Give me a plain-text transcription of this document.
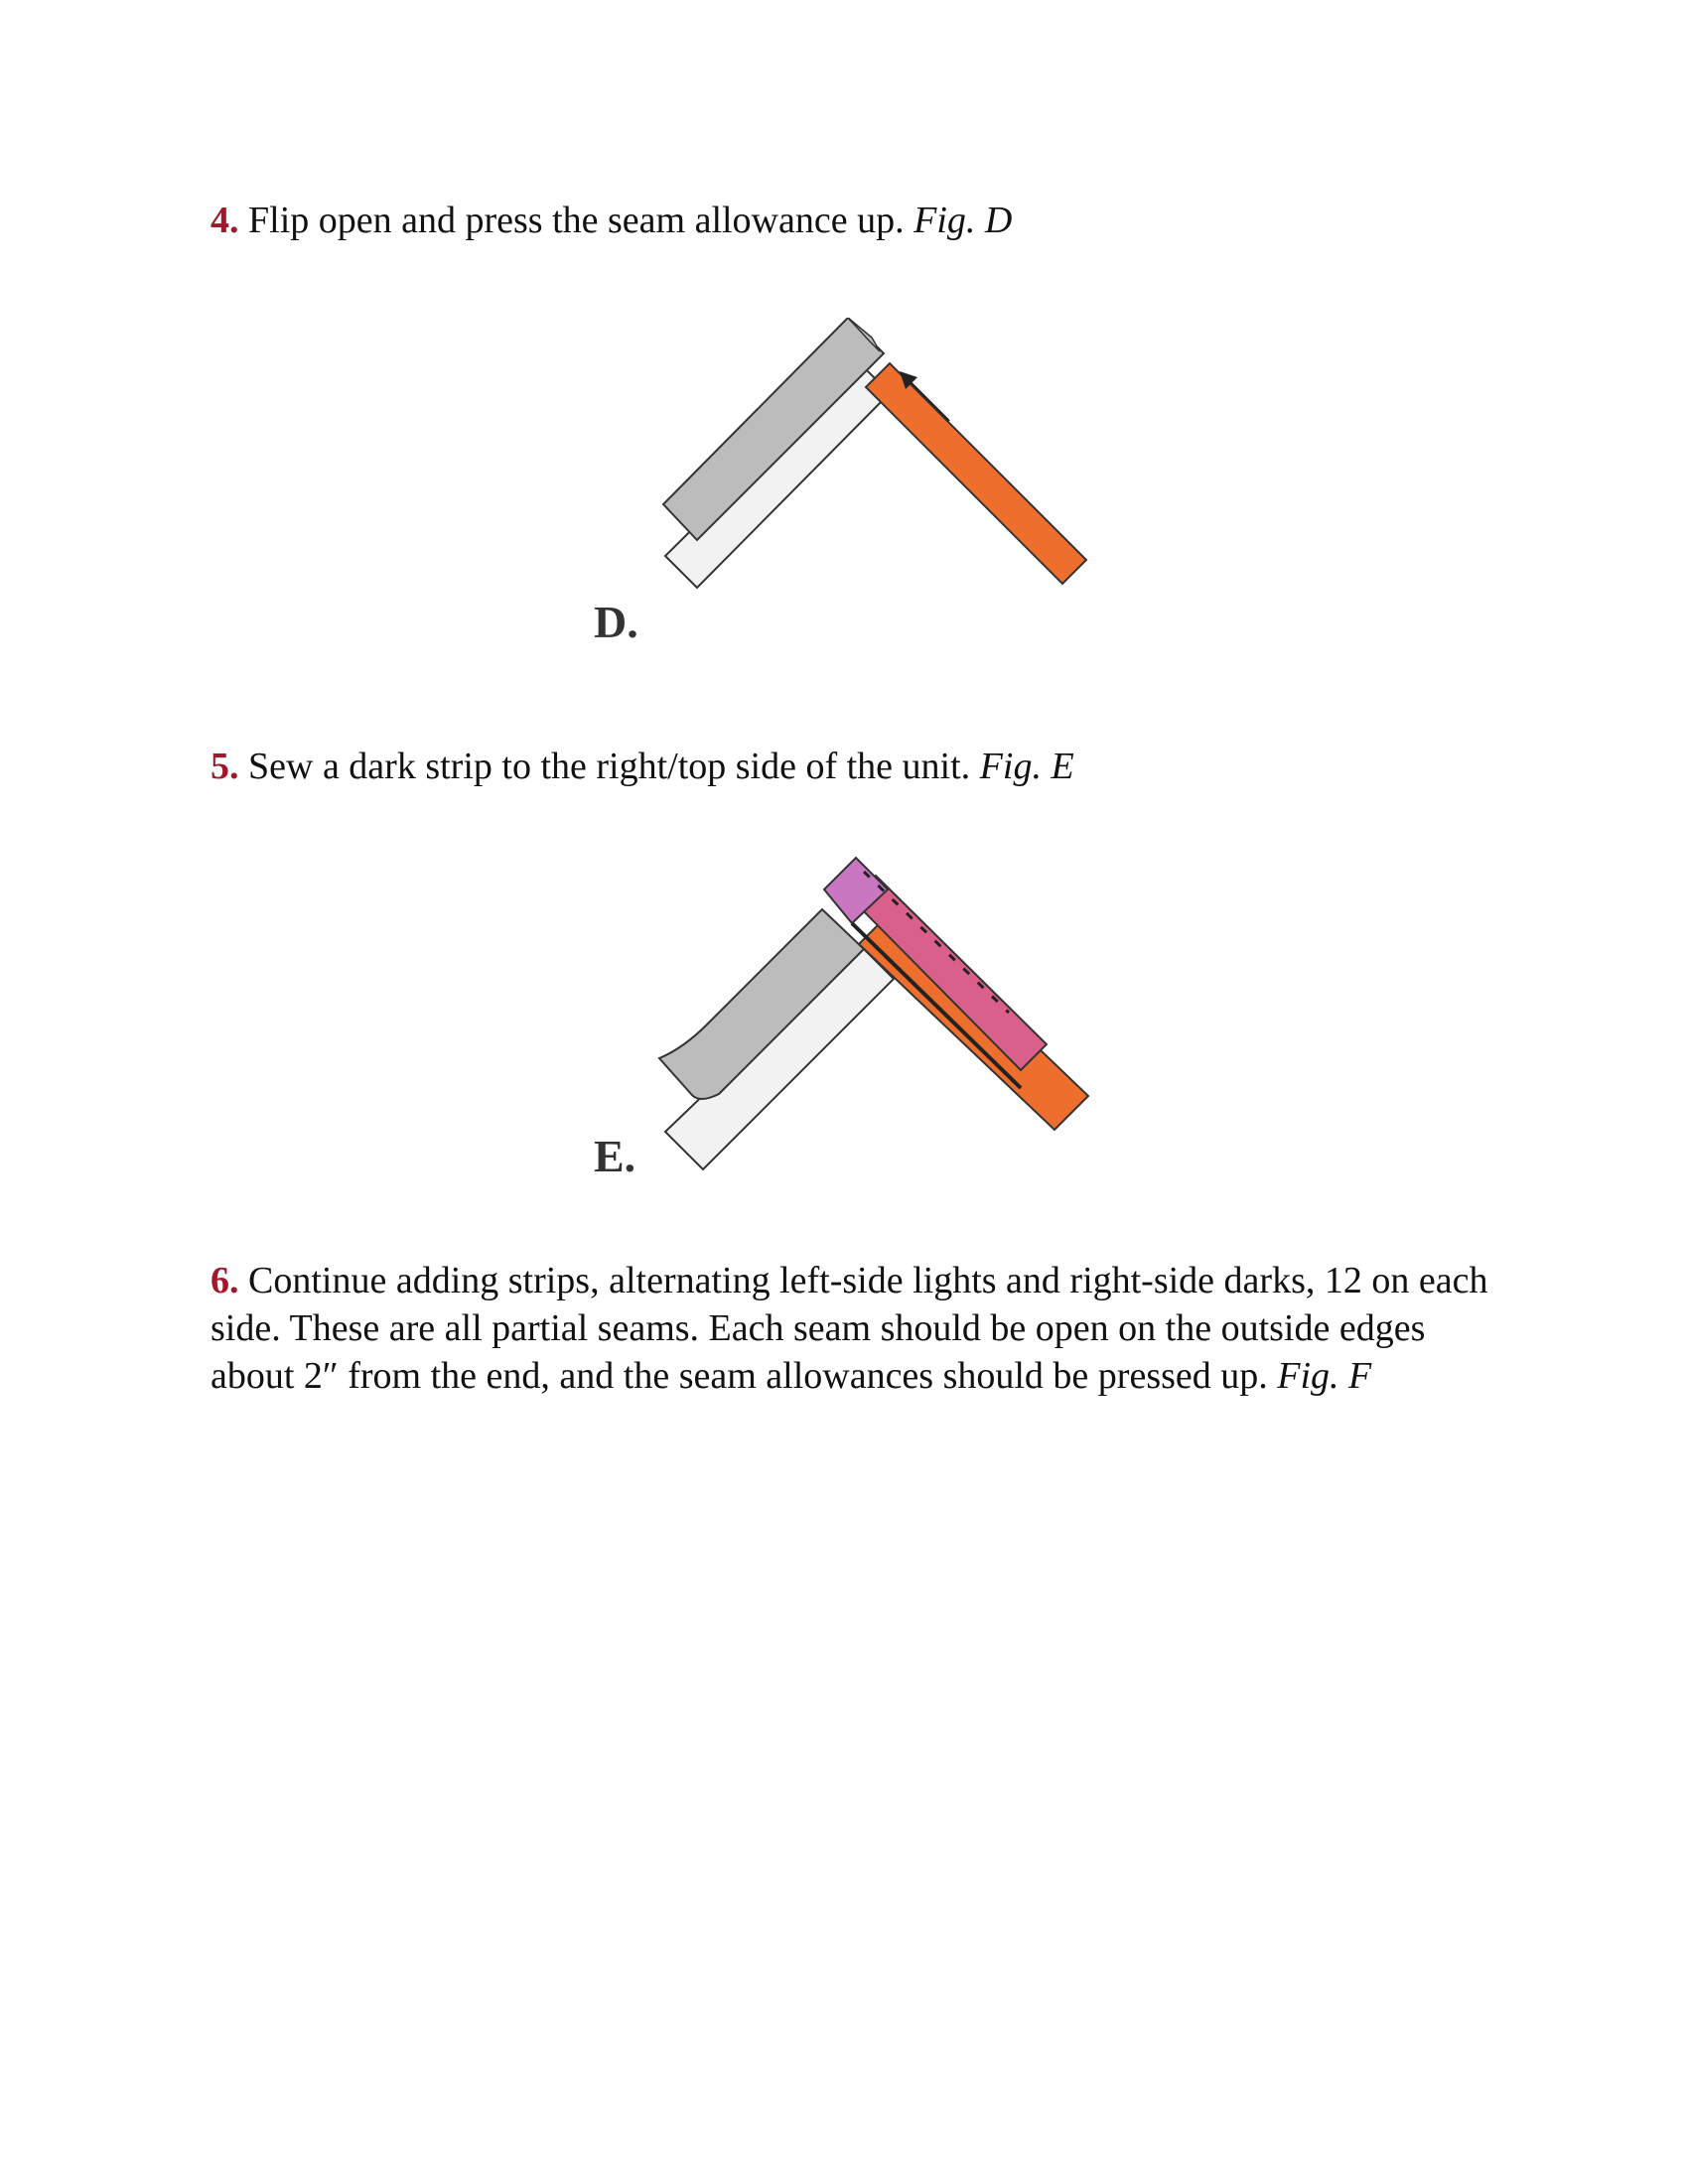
4. Flip open and press the seam allowance up. Fig. D

D.

5. Sew a dark strip to the right/top side of the unit. Fig. E

E.

6. Continue adding strips, alternating left-side lights and right-side darks, 12 on each side. These are all partial seams. Each seam should be open on the outside edges about 2″ from the end, and the seam allowances should be pressed up. Fig. F
